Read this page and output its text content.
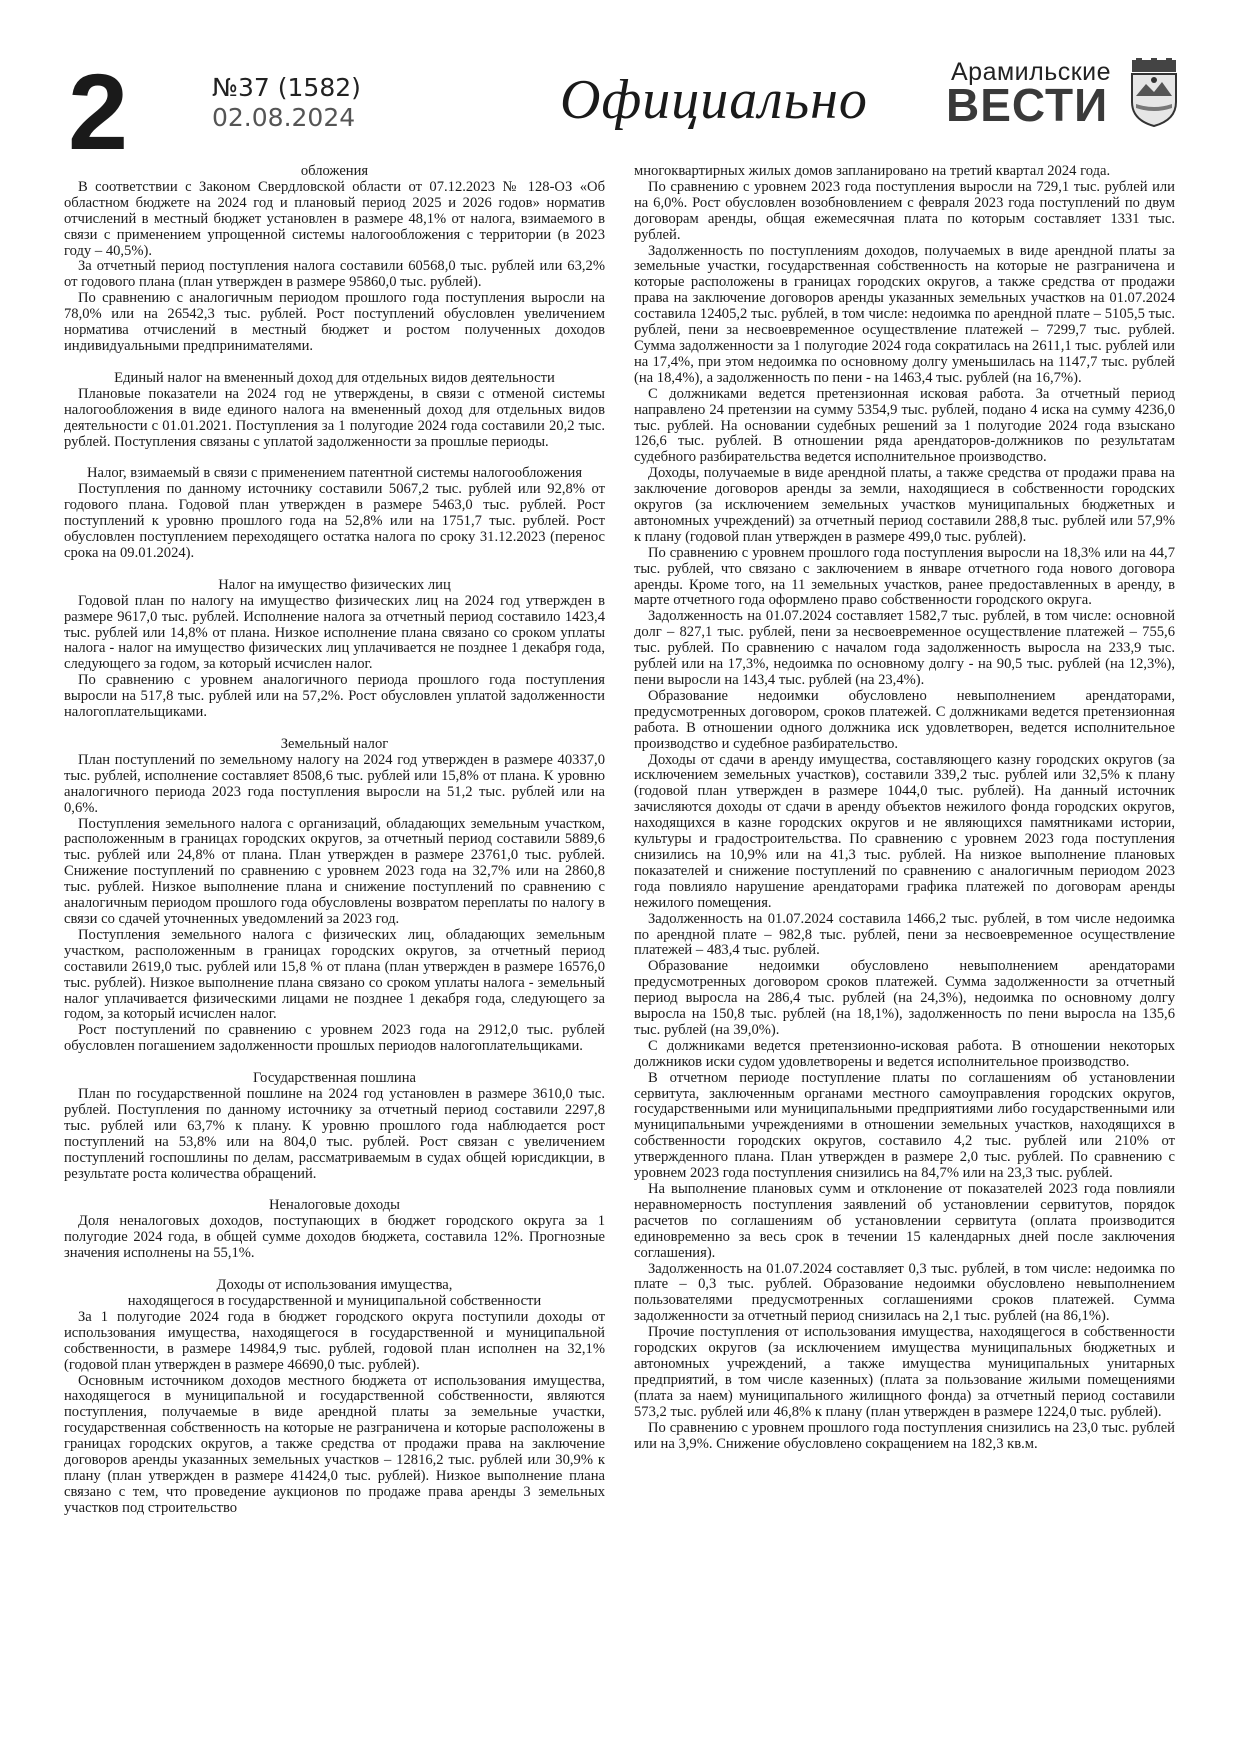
2	№37 (1582)
02.08.2024	Официально	Арамильские
ВЕСТИ
обложения

В соответствии с Законом Свердловской области от 07.12.2023 № 128-ОЗ «Об областном бюджете на 2024 год и плановый период 2025 и 2026 годов» норматив отчислений в местный бюджет установлен в размере 48,1% от налога, взимаемого в связи с применением упрощенной системы налогообложения с территории (в 2023 году – 40,5%).

За отчетный период поступления налога составили 60568,0 тыс. рублей или 63,2% от годового плана (план утвержден в размере 95860,0 тыс. рублей).

По сравнению с аналогичным периодом прошлого года поступления выросли на 78,0% или на 26542,3 тыс. рублей. Рост поступлений обусловлен увеличением норматива отчислений в местный бюджет и ростом полученных доходов индивидуальными предпринимателями.

Единый налог на вмененный доход для отдельных видов деятельности

Плановые показатели на 2024 год не утверждены, в связи с отменой системы налогообложения в виде единого налога на вмененный доход для отдельных видов деятельности с 01.01.2021. Поступления за 1 полугодие 2024 года составили 20,2 тыс. рублей. Поступления связаны с уплатой задолженности за прошлые периоды.

Налог, взимаемый в связи с применением патентной системы налогообложения

Поступления по данному источнику составили 5067,2 тыс. рублей или 92,8% от годового плана. Годовой план утвержден в размере 5463,0 тыс. рублей. Рост поступлений к уровню прошлого года на 52,8% или на 1751,7 тыс. рублей. Рост обусловлен поступлением переходящего остатка налога по сроку 31.12.2023 (перенос срока на 09.01.2024).

Налог на имущество физических лиц

Годовой план по налогу на имущество физических лиц на 2024 год утвержден в размере 9617,0 тыс. рублей. Исполнение налога за отчетный период составило 1423,4 тыс. рублей или 14,8% от плана. Низкое исполнение плана связано со сроком уплаты налога - налог на имущество физических лиц уплачивается не позднее 1 декабря года, следующего за годом, за который исчислен налог.

По сравнению с уровнем аналогичного периода прошлого года поступления выросли на 517,8 тыс. рублей или на 57,2%. Рост обусловлен уплатой задолженности налогоплательщиками.

Земельный налог

План поступлений по земельному налогу на 2024 год утвержден в размере 40337,0 тыс. рублей, исполнение составляет 8508,6 тыс. рублей или 15,8% от плана. К уровню аналогичного периода 2023 года поступления выросли на 51,2 тыс. рублей или на 0,6%.

Поступления земельного налога с организаций, обладающих земельным участком, расположенным в границах городских округов, за отчетный период составили 5889,6 тыс. рублей или 24,8% от плана. План утвержден в размере 23761,0 тыс. рублей. Снижение поступлений по сравнению с уровнем 2023 года на 32,7% или на 2860,8 тыс. рублей. Низкое выполнение плана и снижение поступлений по сравнению с аналогичным периодом прошлого года обусловлены возвратом переплаты по налогу в связи со сдачей уточненных уведомлений за 2023 год.

Поступления земельного налога с физических лиц, обладающих земельным участком, расположенным в границах городских округов, за отчетный период составили 2619,0 тыс. рублей или 15,8 % от плана (план утвержден в размере 16576,0 тыс. рублей). Низкое выполнение плана связано со сроком уплаты налога - земельный налог уплачивается физическими лицами не позднее 1 декабря года, следующего за годом, за который исчислен налог.

Рост поступлений по сравнению с уровнем 2023 года на 2912,0 тыс. рублей обусловлен погашением задолженности прошлых периодов налогоплательщиками.

Государственная пошлина

План по государственной пошлине на 2024 год установлен в размере 3610,0 тыс. рублей. Поступления по данному источнику за отчетный период составили 2297,8 тыс. рублей или 63,7% к плану. К уровню прошлого года наблюдается рост поступлений на 53,8% или на 804,0 тыс. рублей. Рост связан с увеличением поступлений госпошлины по делам, рассматриваемым в судах общей юрисдикции, в результате роста количества обращений.

Неналоговые доходы

Доля неналоговых доходов, поступающих в бюджет городского округа за 1 полугодие 2024 года, в общей сумме доходов бюджета, составила 12%. Прогнозные значения исполнены на 55,1%.

Доходы от использования имущества,
находящегося в государственной и муниципальной собственности

За 1 полугодие 2024 года в бюджет городского округа поступили доходы от использования имущества, находящегося в государственной и муниципальной собственности, в размере 14984,9 тыс. рублей, годовой план исполнен на 32,1% (годовой план утвержден в размере 46690,0 тыс. рублей).

Основным источником доходов местного бюджета от использования имущества, находящегося в муниципальной и государственной собственности, являются поступления, получаемые в виде арендной платы за земельные участки, государственная собственность на которые не разграничена и которые расположены в границах городских округов, а также средства от продажи права на заключение договоров аренды указанных земельных участков – 12816,2 тыс. рублей или 30,9% к плану (план утвержден в размере 41424,0 тыс. рублей). Низкое выполнение плана связано с тем, что проведение аукционов по продаже права аренды 3 земельных участков под строительство

многоквартирных жилых домов запланировано на третий квартал 2024 года.

По сравнению с уровнем 2023 года поступления выросли на 729,1 тыс. рублей или на 6,0%. Рост обусловлен возобновлением с февраля 2023 года поступлений по двум договорам аренды, общая ежемесячная плата по которым составляет 1331 тыс. рублей.

Задолженность по поступлениям доходов, получаемых в виде арендной платы за земельные участки, государственная собственность на которые не разграничена и которые расположены в границах городских округов, а также средства от продажи права на заключение договоров аренды указанных земельных участков на 01.07.2024 составила 12405,2 тыс. рублей, в том числе: недоимка по арендной плате – 5105,5 тыс. рублей, пени за несвоевременное осуществление платежей – 7299,7 тыс. рублей. Сумма задолженности за 1 полугодие 2024 года сократилась на 2611,1 тыс. рублей или на 17,4%, при этом недоимка по основному долгу уменьшилась на 1147,7 тыс. рублей (на 18,4%), а задолженность по пени - на 1463,4 тыс. рублей (на 16,7%).

С должниками ведется претензионная исковая работа. За отчетный период направлено 24 претензии на сумму 5354,9 тыс. рублей, подано 4 иска на сумму 4236,0 тыс. рублей. На основании судебных решений за 1 полугодие 2024 года взыскано 126,6 тыс. рублей. В отношении ряда арендаторов-должников по результатам судебного разбирательства ведется исполнительное производство.

Доходы, получаемые в виде арендной платы, а также средства от продажи права на заключение договоров аренды за земли, находящиеся в собственности городских округов (за исключением земельных участков муниципальных бюджетных и автономных учреждений) за отчетный период составили 288,8 тыс. рублей или 57,9% к плану (годовой план утвержден в размере 499,0 тыс. рублей).

По сравнению с уровнем прошлого года поступления выросли на 18,3% или на 44,7 тыс. рублей, что связано с заключением в январе отчетного года нового договора аренды. Кроме того, на 11 земельных участков, ранее предоставленных в аренду, в марте отчетного года оформлено право собственности городского округа.

Задолженность на 01.07.2024 составляет 1582,7 тыс. рублей, в том числе: основной долг – 827,1 тыс. рублей, пени за несвоевременное осуществление платежей – 755,6 тыс. рублей. По сравнению с началом года задолженность выросла на 233,9 тыс. рублей или на 17,3%, недоимка по основному долгу - на 90,5 тыс. рублей (на 12,3%), пени выросли на 143,4 тыс. рублей (на 23,4%).

Образование недоимки обусловлено невыполнением арендаторами, предусмотренных договором, сроков платежей. С должниками ведется претензионная работа. В отношении одного должника иск удовлетворен, ведется исполнительное производство и судебное разбирательство.

Доходы от сдачи в аренду имущества, составляющего казну городских округов (за исключением земельных участков), составили 339,2 тыс. рублей или 32,5% к плану (годовой план утвержден в размере 1044,0 тыс. рублей). На данный источник зачисляются доходы от сдачи в аренду объектов нежилого фонда городских округов, находящихся в казне городских округов и не являющихся памятниками истории, культуры и градостроительства. По сравнению с уровнем 2023 года поступления снизились на 10,9% или на 41,3 тыс. рублей. На низкое выполнение плановых показателей и снижение поступлений по сравнению с аналогичным периодом 2023 года повлияло нарушение арендаторами графика платежей по договорам аренды нежилого помещения.

Задолженность на 01.07.2024 составила 1466,2 тыс. рублей, в том числе недоимка по арендной плате – 982,8 тыс. рублей, пени за несвоевременное осуществление платежей – 483,4 тыс. рублей.

Образование недоимки обусловлено невыполнением арендаторами предусмотренных договором сроков платежей. Сумма задолженности за отчетный период выросла на 286,4 тыс. рублей (на 24,3%), недоимка по основному долгу выросла на 150,8 тыс. рублей (на 18,1%), задолженность по пени выросла на 135,6 тыс. рублей (на 39,0%).

С должниками ведется претензионно-исковая работа. В отношении некоторых должников иски судом удовлетворены и ведется исполнительное производство.

В отчетном периоде поступление платы по соглашениям об установлении сервитута, заключенным органами местного самоуправления городских округов, государственными или муниципальными предприятиями либо государственными или муниципальными учреждениями в отношении земельных участков, находящихся в собственности городских округов, составило 4,2 тыс. рублей или 210% от утвержденного плана. План утвержден в размере 2,0 тыс. рублей. По сравнению с уровнем 2023 года поступления снизились на 84,7% или на 23,3 тыс. рублей.

На выполнение плановых сумм и отклонение от показателей 2023 года повлияли неравномерность поступления заявлений об установлении сервитутов, порядок расчетов по соглашениям об установлении сервитута (оплата производится единовременно за весь срок в течении 15 календарных дней после заключения соглашения).

Задолженность на 01.07.2024 составляет 0,3 тыс. рублей, в том числе: недоимка по плате – 0,3 тыс. рублей. Образование недоимки обусловлено невыполнением пользователями предусмотренных соглашениями сроков платежей. Сумма задолженности за отчетный период снизилась на 2,1 тыс. рублей (на 86,1%).

Прочие поступления от использования имущества, находящегося в собственности городских округов (за исключением имущества муниципальных бюджетных и автономных учреждений, а также имущества муниципальных унитарных предприятий, в том числе казенных) (плата за пользование жилыми помещениями (плата за наем) муниципального жилищного фонда) за отчетный период составили 573,2 тыс. рублей или 46,8% к плану (план утвержден в размере 1224,0 тыс. рублей).

По сравнению с уровнем прошлого года поступления снизились на 23,0 тыс. рублей или на 3,9%. Снижение обусловлено сокращением на 182,3 кв.м.
